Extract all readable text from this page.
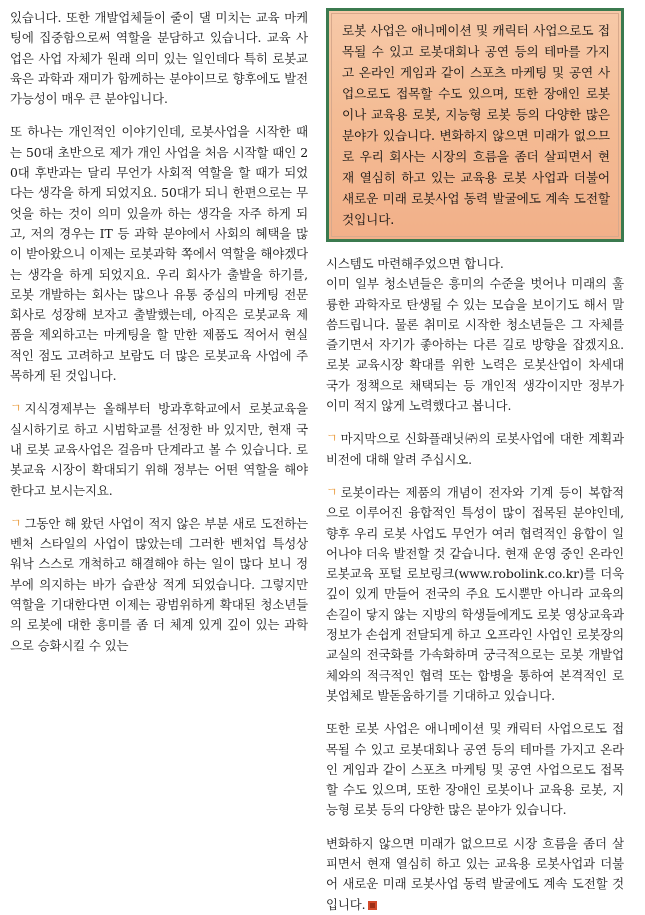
있습니다. 또한 개발업체들이 줄이 댈 미치는 교육 마케팅에 집중함으로써 역할을 분담하고 있습니다. 교육 사업은 사업 자체가 원래 의미 있는 일인데다 특히 로봇교육은 과학과 재미가 함께하는 분야이므로 향후에도 발전 가능성이 매우 큰 분야입니다.

또 하나는 개인적인 이야기인데, 로봇사업을 시작한 때는 50대 초반으로 제가 개인 사업을 처음 시작할 때인 20대 후반과는 달리 무언가 사회적 역할을 할 때가 되었다는 생각을 하게 되었지요. 50대가 되니 한편으로는 무엇을 하는 것이 의미 있을까 하는 생각을 자주 하게 되고, 저의 경우는 IT 등 과학 분야에서 사회의 혜택을 많이 받아왔으니 이제는 로봇과학 쪽에서 역할을 해야겠다는 생각을 하게 되었지요. 우리 회사가 출발을 하기를, 로봇 개발하는 회사는 많으나 유통 중심의 마케팅 전문회사로 성장해 보자고 출발했는데, 아직은 로봇교육 제품을 제외하고는 마케팅을 할 만한 제품도 적어서 현실적인 점도 고려하고 보람도 더 많은 로봇교육 사업에 주목하게 된 것입니다.

ㄱ 지식경제부는 올해부터 방과후학교에서 로봇교육을 실시하기로 하고 시범학교를 선정한 바 있지만, 현재 국내 로봇 교육사업은 걸음마 단계라고 볼 수 있습니다. 로봇교육 시장이 확대되기 위해 정부는 어떤 역할을 해야 한다고 보시는지요.

ㄱ 그동안 해 왔던 사업이 적지 않은 부분 새로 도전하는 벤처 스타일의 사업이 많았는데 그러한 벤처업 특성상 워낙 스스로 개척하고 해결해야 하는 일이 많다 보니 정부에 의지하는 바가 습관상 적게 되었습니다. 그렇지만 역할을 기대한다면 이제는 광범위하게 확대된 청소년들의 로봇에 대한 흥미를 좀 더 체계 있게 깊이 있는 과학으로 승화시킬 수 있는

로봇 사업은 애니메이션 및 캐릭터 사업으로도 접목될 수 있고 로봇대회나 공연 등의 테마를 가지고 온라인 게임과 같이 스포츠 마케팅 및 공연 사업으로도 접목할 수도 있으며, 또한 장애인 로봇이나 교육용 로봇, 지능형 로봇 등의 다양한 많은 분야가 있습니다. 변화하지 않으면 미래가 없으므로 우리 회사는 시장의 흐름을 좀더 살피면서 현재 열심히 하고 있는 교육용 로봇 사업과 더불어 새로운 미래 로봇사업 동력 발굴에도 계속 도전할 것입니다.

시스템도 마련해주었으면 합니다.

이미 일부 청소년들은 흥미의 수준을 벗어나 미래의 훌륭한 과학자로 탄생될 수 있는 모습을 보이기도 해서 말씀드립니다. 물론 취미로 시작한 청소년들은 그 자체를 즐기면서 자기가 좋아하는 다른 길로 방향을 잡겠지요. 로봇 교육시장 확대를 위한 노력은 로봇산업이 차세대 국가 정책으로 채택되는 등 개인적 생각이지만 정부가 이미 적지 않게 노력했다고 봅니다.

ㄱ 마지막으로 신화플래닛㈜의 로봇사업에 대한 계획과 비전에 대해 알려 주십시오.

ㄱ 로봇이라는 제품의 개념이 전자와 기계 등이 복합적으로 이루어진 융합적인 특성이 많이 접목된 분야인데, 향후 우리 로봇 사업도 무언가 여러 협력적인 융합이 일어나야 더욱 발전할 것 같습니다. 현재 운영 중인 온라인 로봇교육 포털 로보링크(www.robolink.co.kr)를 더욱 깊이 있게 만들어 전국의 주요 도시뿐만 아니라 교육의 손길이 닿지 않는 지방의 학생들에게도 로봇 영상교육과 정보가 손쉽게 전달되게 하고 오프라인 사업인 로봇장의교실의 전국화를 가속화하며 궁극적으로는 로봇 개발업체와의 적극적인 협력 또는 합병을 통하여 본격적인 로봇업체로 발돋움하기를 기대하고 있습니다.

또한 로봇 사업은 애니메이션 및 캐릭터 사업으로도 접목될 수 있고 로봇대회나 공연 등의 테마를 가지고 온라인 게임과 같이 스포츠 마케팅 및 공연 사업으로도 접목할 수도 있으며, 또한 장애인 로봇이나 교육용 로봇, 지능형 로봇 등의 다양한 많은 분야가 있습니다.

변화하지 않으면 미래가 없으므로 시장 흐름을 좀더 살피면서 현재 열심히 하고 있는 교육용 로봇사업과 더불어 새로운 미래 로봇사업 동력 발굴에도 계속 도전할 것입니다.
